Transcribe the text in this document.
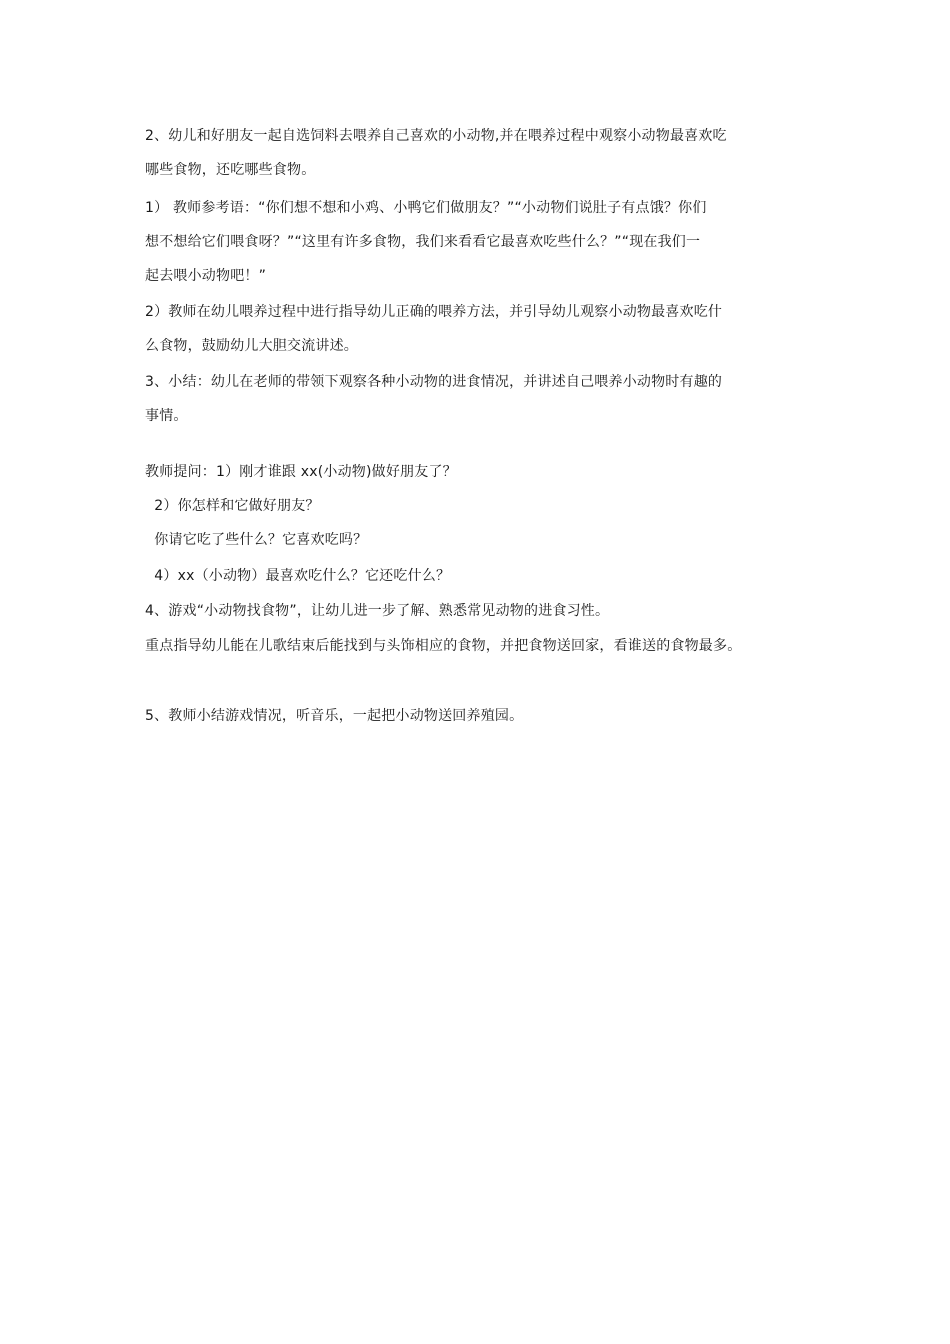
2、幼儿和好朋友一起自选饲料去喂养自己喜欢的小动物,并在喂养过程中观察小动物最喜欢吃
哪些食物，还吃哪些食物。
1） 教师参考语：“你们想不想和小鸡、小鸭它们做朋友？”“小动物们说肚子有点饿？你们
想不想给它们喂食呀？”“这里有许多食物，我们来看看它最喜欢吃些什么？”“现在我们一
起去喂小动物吧！”
2）教师在幼儿喂养过程中进行指导幼儿正确的喂养方法，并引导幼儿观察小动物最喜欢吃什
么食物，鼓励幼儿大胆交流讲述。
3、小结：幼儿在老师的带领下观察各种小动物的进食情况，并讲述自己喂养小动物时有趣的
事情。
教师提问：1）刚才谁跟 xx(小动物)做好朋友了？
2）你怎样和它做好朋友？
你请它吃了些什么？它喜欢吃吗？
4）xx（小动物）最喜欢吃什么？它还吃什么？
4、游戏“小动物找食物”，让幼儿进一步了解、熟悉常见动物的进食习性。
重点指导幼儿能在儿歌结束后能找到与头饰相应的食物，并把食物送回家，看谁送的食物最多。
5、教师小结游戏情况，听音乐，一起把小动物送回养殖园。
